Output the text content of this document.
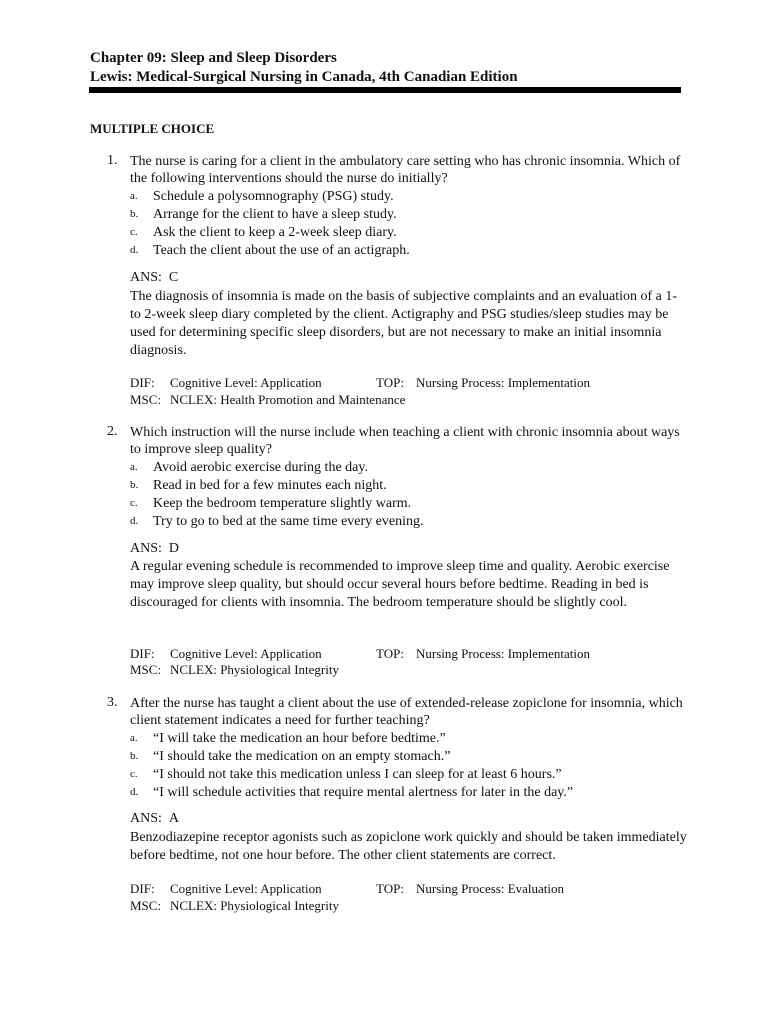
Chapter 09: Sleep and Sleep Disorders
Lewis: Medical-Surgical Nursing in Canada, 4th Canadian Edition
MULTIPLE CHOICE
1. The nurse is caring for a client in the ambulatory care setting who has chronic insomnia. Which of the following interventions should the nurse do initially?
a. Schedule a polysomnography (PSG) study.
b. Arrange for the client to have a sleep study.
c. Ask the client to keep a 2-week sleep diary.
d. Teach the client about the use of an actigraph.
ANS: C
The diagnosis of insomnia is made on the basis of subjective complaints and an evaluation of a 1- to 2-week sleep diary completed by the client. Actigraphy and PSG studies/sleep studies may be used for determining specific sleep disorders, but are not necessary to make an initial insomnia diagnosis.
DIF: Cognitive Level: Application	TOP: Nursing Process: Implementation
MSC: NCLEX: Health Promotion and Maintenance
2. Which instruction will the nurse include when teaching a client with chronic insomnia about ways to improve sleep quality?
a. Avoid aerobic exercise during the day.
b. Read in bed for a few minutes each night.
c. Keep the bedroom temperature slightly warm.
d. Try to go to bed at the same time every evening.
ANS: D
A regular evening schedule is recommended to improve sleep time and quality. Aerobic exercise may improve sleep quality, but should occur several hours before bedtime. Reading in bed is discouraged for clients with insomnia. The bedroom temperature should be slightly cool.
DIF: Cognitive Level: Application	TOP: Nursing Process: Implementation
MSC: NCLEX: Physiological Integrity
3. After the nurse has taught a client about the use of extended-release zopiclone for insomnia, which client statement indicates a need for further teaching?
a. “I will take the medication an hour before bedtime.”
b. “I should take the medication on an empty stomach.”
c. “I should not take this medication unless I can sleep for at least 6 hours.”
d. “I will schedule activities that require mental alertness for later in the day.”
ANS: A
Benzodiazepine receptor agonists such as zopiclone work quickly and should be taken immediately before bedtime, not one hour before. The other client statements are correct.
DIF: Cognitive Level: Application	TOP: Nursing Process: Evaluation
MSC: NCLEX: Physiological Integrity
